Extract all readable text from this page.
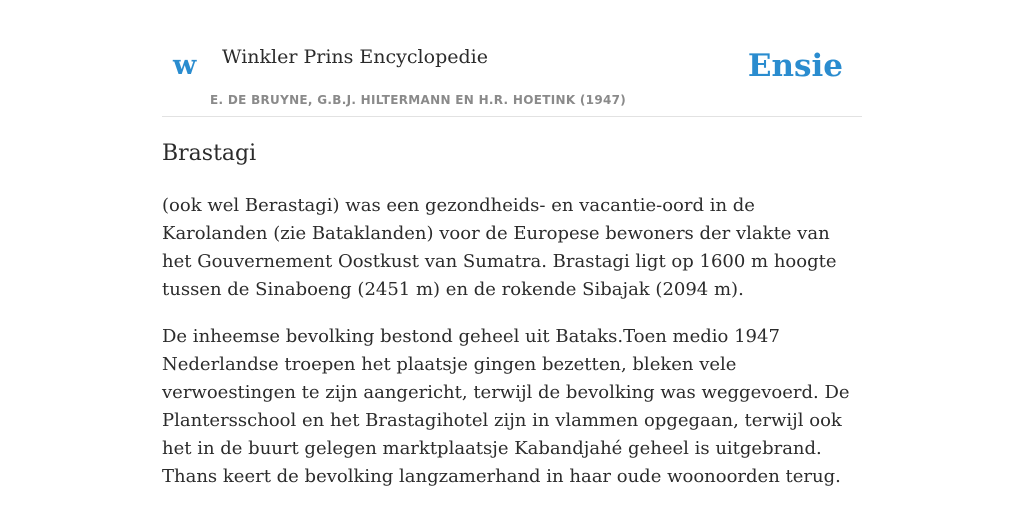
w Winkler Prins Encyclopedie
E. DE BRUYNE, G.B.J. HILTERMANN EN H.R. HOETINK (1947)
Ensie
Brastagi

(ook wel Berastagi) was een gezondheids- en vacantie-oord in de Karolanden (zie Bataklanden) voor de Europese bewoners der vlakte van het Gouvernement Oostkust van Sumatra. Brastagi ligt op 1600 m hoogte tussen de Sinaboeng (2451 m) en de rokende Sibajak (2094 m).

De inheemse bevolking bestond geheel uit Bataks.Toen medio 1947 Nederlandse troepen het plaatsje gingen bezetten, bleken vele verwoestingen te zijn aangericht, terwijl de bevolking was weggevoerd. De Plantersschool en het Brastagihotel zijn in vlammen opgegaan, terwijl ook het in de buurt gelegen marktplaatsje Kabandjahé geheel is uitgebrand. Thans keert de bevolking langzamerhand in haar oude woonoorden terug.
